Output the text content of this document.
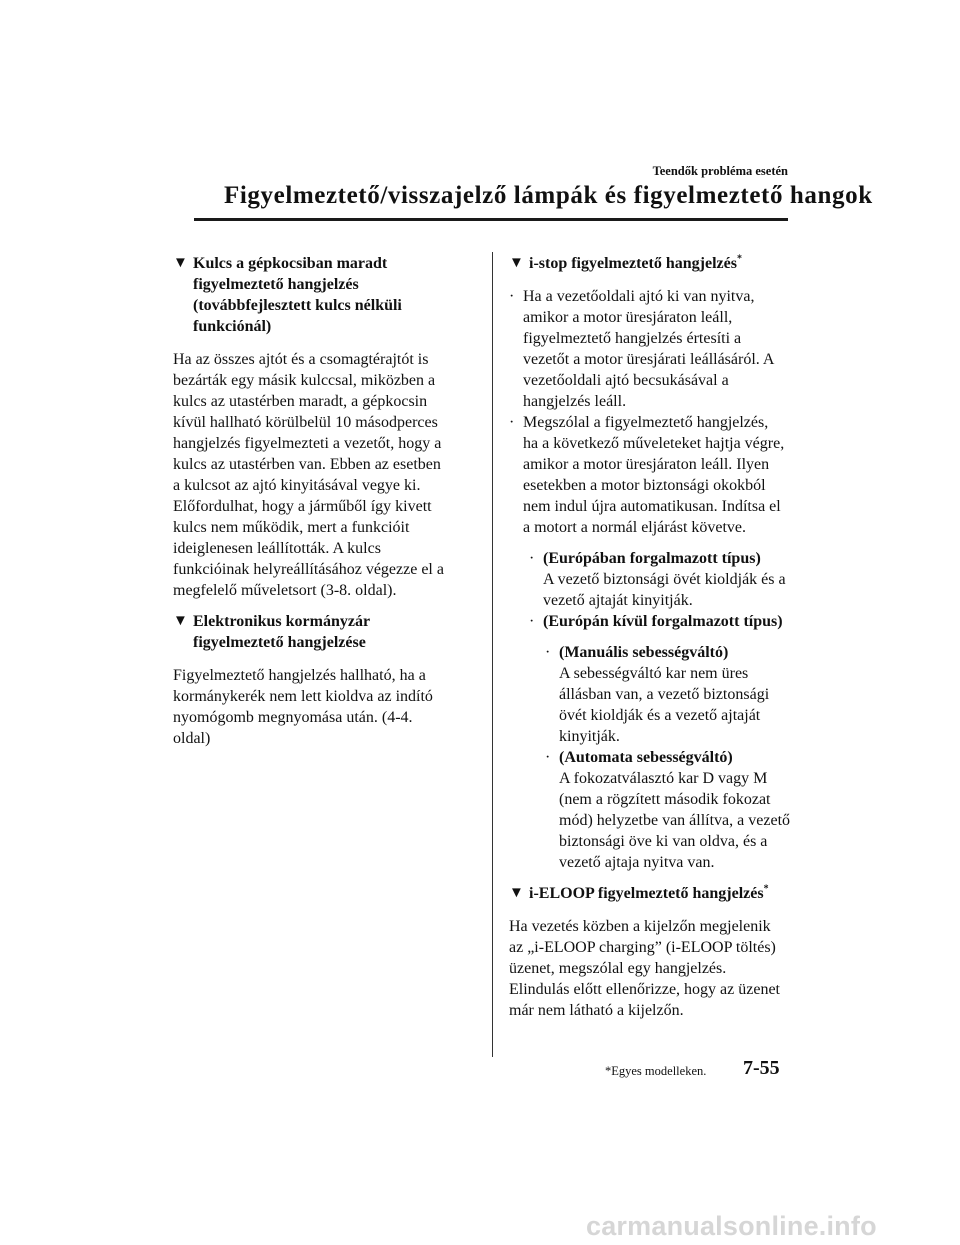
Teendők probléma esetén
Figyelmeztető/visszajelző lámpák és figyelmeztető hangok
▼ Kulcs a gépkocsiban maradt
figyelmeztető hangjelzés
(továbbfejlesztett kulcs nélküli
funkciónál)
Ha az összes ajtót és a csomagtérajtót is
bezárták egy másik kulccsal, miközben a
kulcs az utastérben maradt, a gépkocsin
kívül hallható körülbelül 10 másodperces
hangjelzés figyelmezteti a vezetőt, hogy a
kulcs az utastérben van. Ebben az esetben
a kulcsot az ajtó kinyitásával vegye ki.
Előfordulhat, hogy a járműből így kivett
kulcs nem működik, mert a funkcióit
ideiglenesen leállították. A kulcs
funkcióinak helyreállításához végezze el a
megfelelő műveletsort (3-8. oldal).
▼ Elektronikus kormányzár
figyelmeztető hangjelzése
Figyelmeztető hangjelzés hallható, ha a
kormánykerék nem lett kioldva az indító
nyomógomb megnyomása után. (4-4.
oldal)
▼ i-stop figyelmeztető hangjelzés*
· Ha a vezetőoldali ajtó ki van nyitva,
amikor a motor üresjáraton leáll,
figyelmeztető hangjelzés értesíti a
vezetőt a motor üresjárati leállásáról. A
vezetőoldali ajtó becsukásával a
hangjelzés leáll.
· Megszólal a figyelmeztető hangjelzés,
ha a következő műveleteket hajtja végre,
amikor a motor üresjáraton leáll. Ilyen
esetekben a motor biztonsági okokból
nem indul újra automatikusan. Indítsa el
a motort a normál eljárást követve.
· (Európában forgalmazott típus)
A vezető biztonsági övét kioldják és a
vezető ajtaját kinyitják.
· (Európán kívül forgalmazott típus)
· (Manuális sebességváltó)
A sebességváltó kar nem üres
állásban van, a vezető biztonsági
övét kioldják és a vezető ajtaját
kinyitják.
· (Automata sebességváltó)
A fokozatválasztó kar D vagy M
(nem a rögzített második fokozat
mód) helyzetbe van állítva, a vezető
biztonsági öve ki van oldva, és a
vezető ajtaja nyitva van.
▼ i-ELOOP figyelmeztető hangjelzés*
Ha vezetés közben a kijelzőn megjelenik
az „i-ELOOP charging” (i-ELOOP töltés)
üzenet, megszólal egy hangjelzés.
Elindulás előtt ellenőrizze, hogy az üzenet
már nem látható a kijelzőn.
*Egyes modelleken. 7-55
carmanualsonline.info
